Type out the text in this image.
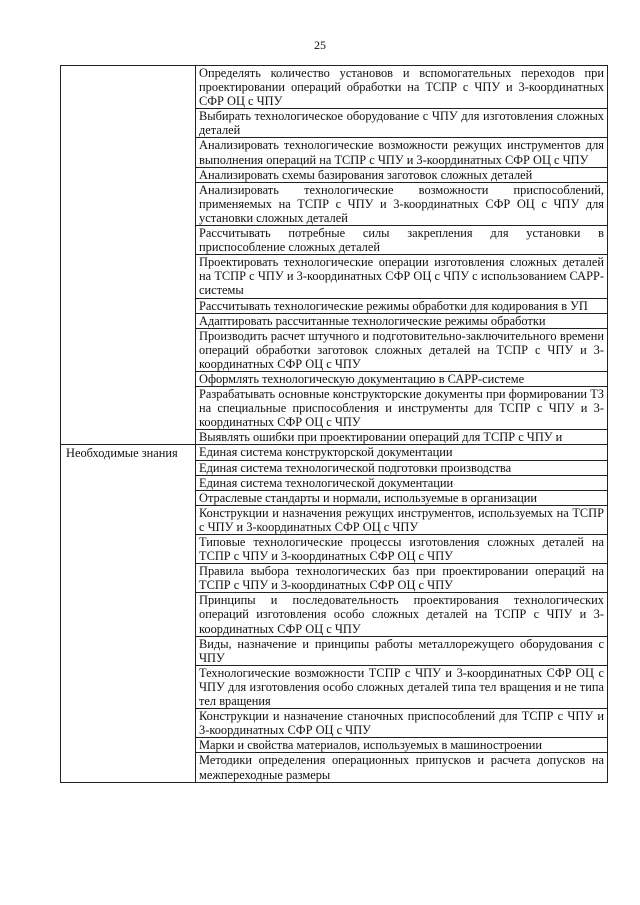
25
	Определять количество установов и вспомогательных переходов при проектировании операций обработки на ТСПР с ЧПУ и 3-координатных СФР ОЦ с ЧПУ
	Выбирать технологическое оборудование с ЧПУ для изготовления сложных деталей
	Анализировать технологические возможности режущих инструментов для выполнения операций на ТСПР с ЧПУ и 3-координатных СФР ОЦ с ЧПУ
	Анализировать схемы базирования заготовок сложных деталей
	Анализировать технологические возможности приспособлений, применяемых на ТСПР с ЧПУ и 3-координатных СФР ОЦ с ЧПУ для установки сложных деталей
	Рассчитывать потребные силы закрепления для установки в приспособление сложных деталей
	Проектировать технологические операции изготовления сложных деталей на ТСПР с ЧПУ и 3-координатных СФР ОЦ с ЧПУ с использованием САРР-системы
	Рассчитывать технологические режимы обработки для кодирования в УП
	Адаптировать рассчитанные технологические режимы обработки
	Производить расчет штучного и подготовительно-заключительного времени операций обработки заготовок сложных деталей на ТСПР с ЧПУ и 3-координатных СФР ОЦ с ЧПУ
	Оформлять технологическую документацию в САРР-системе
	Разрабатывать основные конструкторские документы при формировании ТЗ на специальные приспособления и инструменты для ТСПР с ЧПУ и 3-координатных СФР ОЦ с ЧПУ
	Выявлять ошибки при проектировании операций для ТСПР с ЧПУ и

Необходимые знания	Единая система конструкторской документации
	Единая система технологической подготовки производства
	Единая система технологической документации
	Отраслевые стандарты и нормали, используемые в организации
	Конструкции и назначения режущих инструментов, используемых на ТСПР с ЧПУ и 3-координатных СФР ОЦ с ЧПУ
	Типовые технологические процессы изготовления сложных деталей на ТСПР с ЧПУ и 3-координатных СФР ОЦ с ЧПУ
	Правила выбора технологических баз при проектировании операций на ТСПР с ЧПУ и 3-координатных СФР ОЦ с ЧПУ
	Принципы и последовательность проектирования технологических операций изготовления особо сложных деталей на ТСПР с ЧПУ и 3-координатных СФР ОЦ с ЧПУ
	Виды, назначение и принципы работы металлорежущего оборудования с ЧПУ
	Технологические возможности ТСПР с ЧПУ и 3-координатных СФР ОЦ с ЧПУ для изготовления особо сложных деталей типа тел вращения и не типа тел вращения
	Конструкции и назначение станочных приспособлений для ТСПР с ЧПУ и 3-координатных СФР ОЦ с ЧПУ
	Марки и свойства материалов, используемых в машиностроении
	Методики определения операционных припусков и расчета допусков на межпереходные размеры
